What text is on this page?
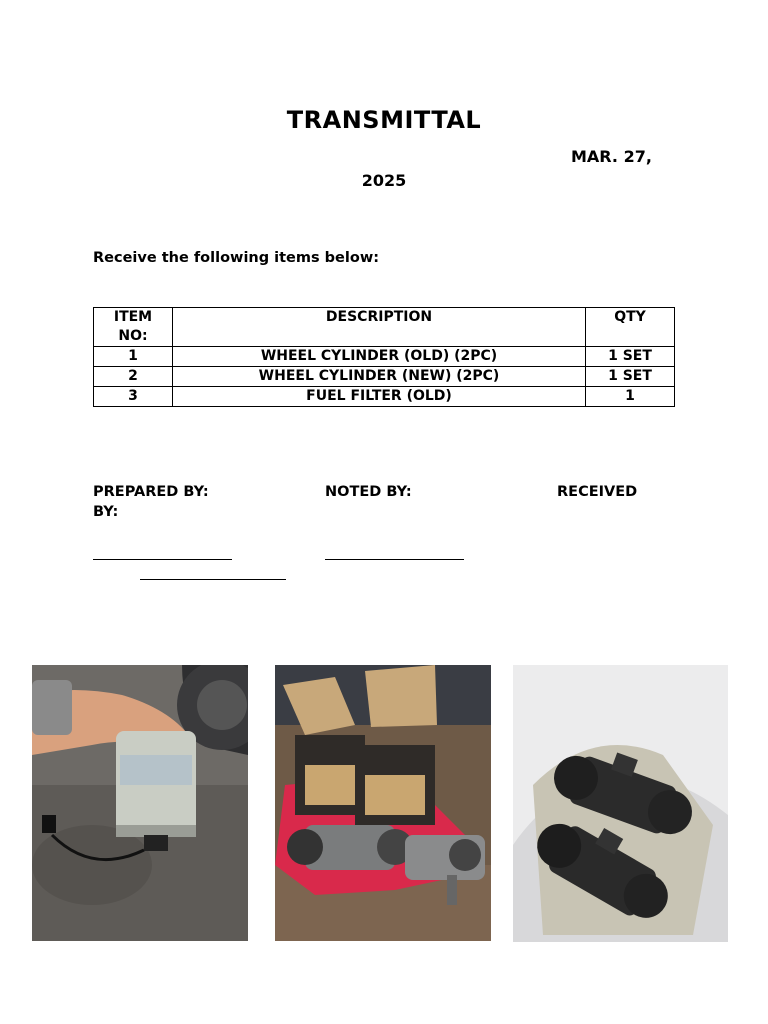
TRANSMITTAL
MAR. 27,
2025
Receive the following items below:
ITEM NO:	DESCRIPTION	QTY
1	WHEEL CYLINDER (OLD) (2PC)	1 SET
2	WHEEL CYLINDER (NEW) (2PC)	1 SET
3	FUEL FILTER (OLD)	1
PREPARED BY:	NOTED BY:	RECEIVED
BY:
